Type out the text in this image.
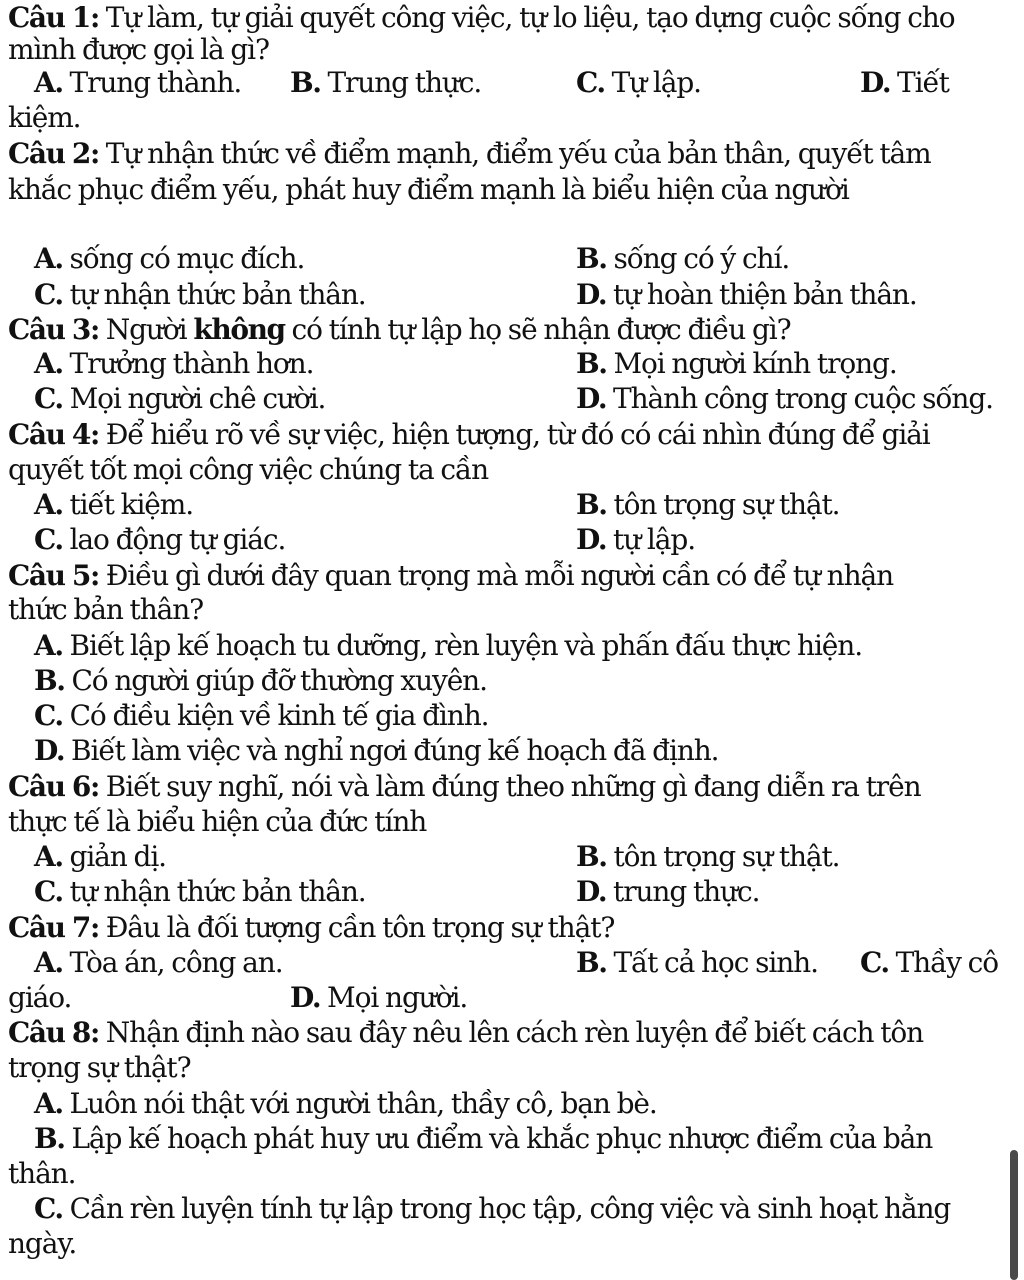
Câu 1: Tự làm, tự giải quyết công việc, tự lo liệu, tạo dựng cuộc sống cho
mình được gọi là gì?
A. Trung thành. B. Trung thực.	C. Tự lập.	D. Tiết
kiệm.
Câu 2: Tự nhận thức về điểm mạnh, điểm yếu của bản thân, quyết tâm
khắc phục điểm yếu, phát huy điểm mạnh là biểu hiện của người
A. sống có mục đích.	B. sống có ý chí.
C. tự nhận thức bản thân.	D. tự hoàn thiện bản thân.
Câu 3: Người không có tính tự lập họ sẽ nhận được điều gì?
A. Trưởng thành hơn.	B. Mọi người kính trọng.
C. Mọi người chê cười.	D. Thành công trong cuộc sống.
Câu 4: Để hiểu rõ về sự việc, hiện tượng, từ đó có cái nhìn đúng để giải
quyết tốt mọi công việc chúng ta cần
A. tiết kiệm.	B. tôn trọng sự thật.
C. lao động tự giác.	D. tự lập.
Câu 5: Điều gì dưới đây quan trọng mà mỗi người cần có để tự nhận
thức bản thân?
A. Biết lập kế hoạch tu dưỡng, rèn luyện và phấn đấu thực hiện.
B. Có người giúp đỡ thường xuyên.
C. Có điều kiện về kinh tế gia đình.
D. Biết làm việc và nghỉ ngơi đúng kế hoạch đã định.
Câu 6: Biết suy nghĩ, nói và làm đúng theo những gì đang diễn ra trên
thực tế là biểu hiện của đức tính
A. giản dị.	B. tôn trọng sự thật.
C. tự nhận thức bản thân.	D. trung thực.
Câu 7: Đâu là đối tượng cần tôn trọng sự thật?
A. Tòa án, công an.	B. Tất cả học sinh. C. Thầy cô
giáo.	D. Mọi người.
Câu 8: Nhận định nào sau đây nêu lên cách rèn luyện để biết cách tôn
trọng sự thật?
A. Luôn nói thật với người thân, thầy cô, bạn bè.
B. Lập kế hoạch phát huy ưu điểm và khắc phục nhược điểm của bản
thân.
C. Cần rèn luyện tính tự lập trong học tập, công việc và sinh hoạt hằng
ngày.
